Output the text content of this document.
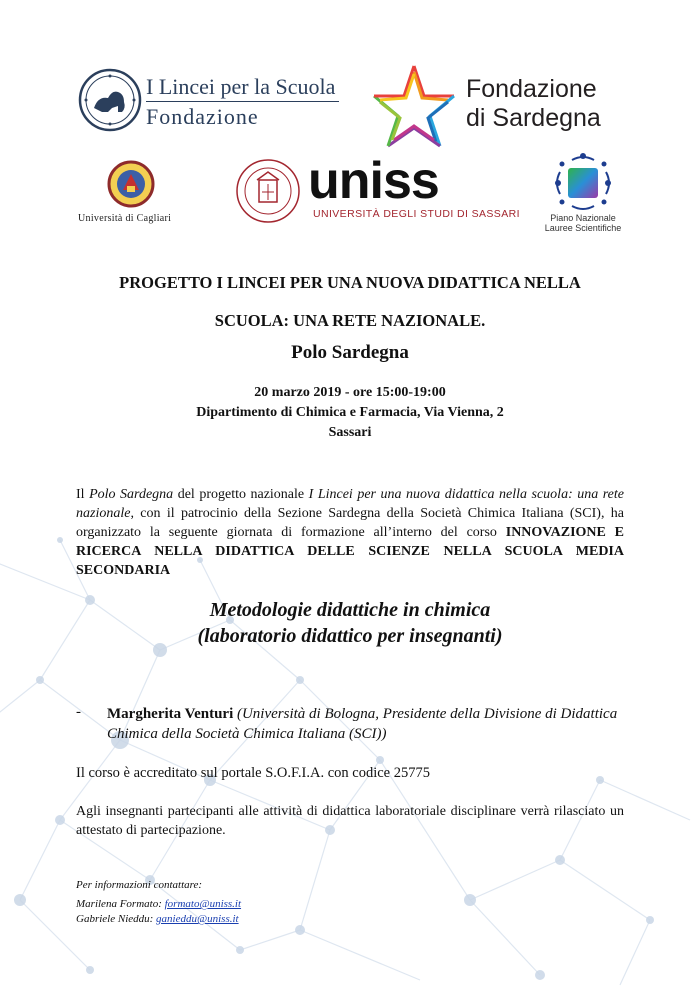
I Lincei per la Scuola
Fondazione
Fondazione
di Sardegna
Università di Cagliari
uniss
UNIVERSITÀ DEGLI STUDI DI SASSARI	Piano Nazionale
Lauree Scientifiche
PROGETTO I LINCEI PER UNA NUOVA DIDATTICA NELLA
SCUOLA: UNA RETE NAZIONALE.
Polo Sardegna
20 marzo 2019 - ore 15:00-19:00
Dipartimento di Chimica e Farmacia, Via Vienna, 2
Sassari
Il Polo Sardegna del progetto nazionale I Lincei per una nuova didattica nella scuola: una rete nazionale, con il patrocinio della Sezione Sardegna della Società Chimica Italiana (SCI), ha organizzato la seguente giornata di formazione all’interno del corso INNOVAZIONE E RICERCA NELLA DIDATTICA DELLE SCIENZE NELLA SCUOLA MEDIA SECONDARIA
Metodologie didattiche in chimica
(laboratorio didattico per insegnanti)
- Margherita Venturi (Università di Bologna, Presidente della Divisione di Didattica Chimica della Società Chimica Italiana (SCI))
Il corso è accreditato sul portale S.O.F.I.A. con codice 25775
Agli insegnanti partecipanti alle attività di didattica laboratoriale disciplinare verrà rilasciato un attestato di partecipazione.
Per informazioni contattare:
Marilena Formato: formato@uniss.it
Gabriele Nieddu: ganieddu@uniss.it
